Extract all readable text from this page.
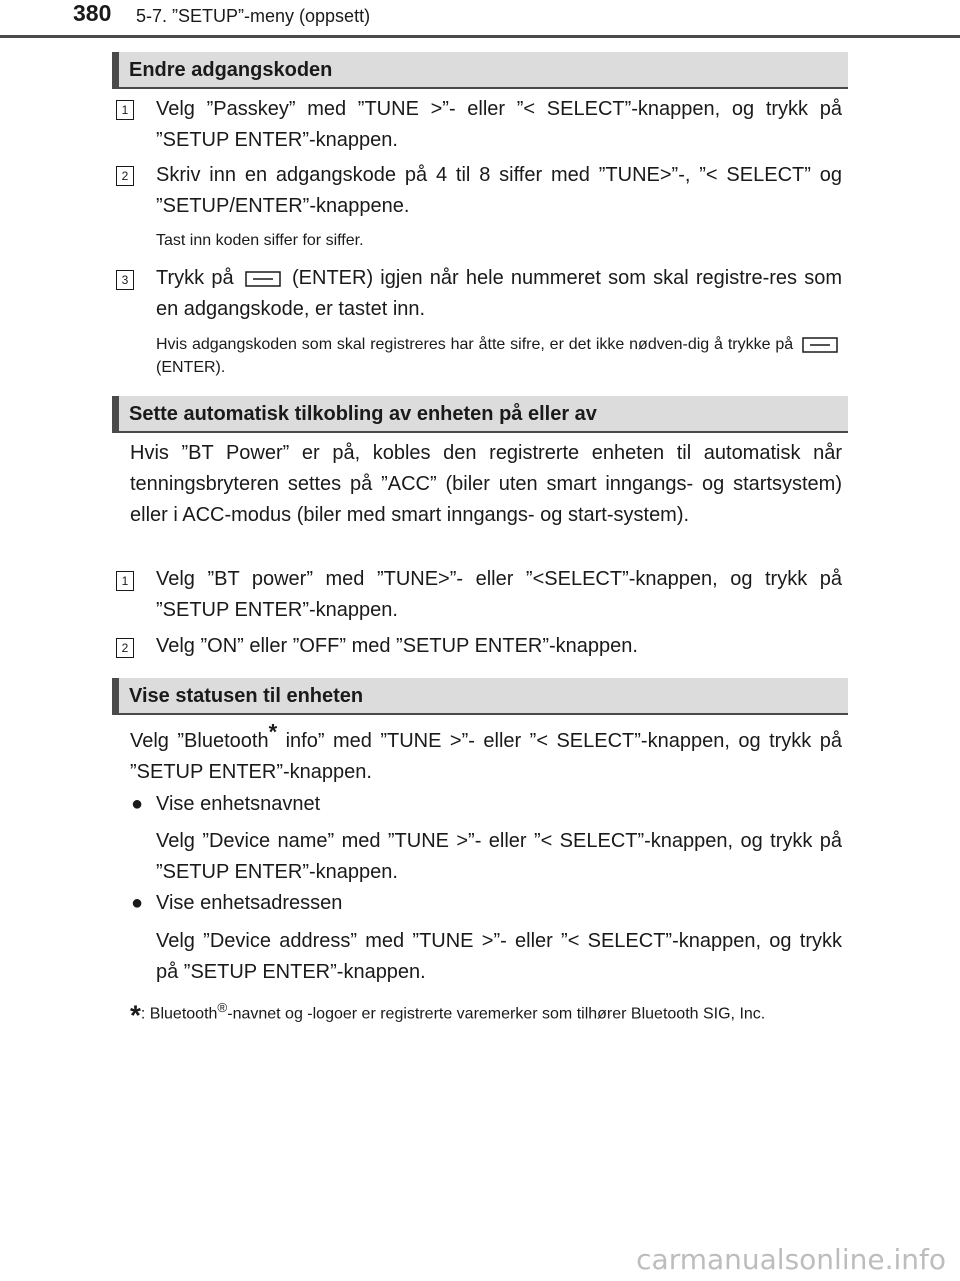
380 5-7. ”SETUP”-meny (oppsett)
Endre adgangskoden
1 Velg ”Passkey” med ”TUNE >”- eller ”< SELECT”-knappen, og trykk på ”SETUP ENTER”-knappen.
2 Skriv inn en adgangskode på 4 til 8 siffer med ”TUNE>”-, ”< SELECT” og ”SETUP/ENTER”-knappene.
Tast inn koden siffer for siffer.
3 Trykk på	(ENTER) igjen når hele nummeret som skal registre-res som en adgangskode, er tastet inn.
Hvis adgangskoden som skal registreres har åtte sifre, er det ikke nødven-dig å trykke på
(ENTER).
Sette automatisk tilkobling av enheten på eller av
Hvis ”BT Power” er på, kobles den registrerte enheten til automatisk når tenningsbryteren settes på ”ACC” (biler uten smart inngangs- og startsystem) eller i ACC-modus (biler med smart inngangs- og start-system).
1 Velg ”BT power” med ”TUNE>”- eller ”<SELECT”-knappen, og trykk på ”SETUP ENTER”-knappen.
2 Velg ”ON” eller ”OFF” med ”SETUP ENTER”-knappen.
Vise statusen til enheten
Velg ”Bluetooth* info” med ”TUNE >”- eller ”< SELECT”-knappen, og trykk på ”SETUP ENTER”-knappen.
● Vise enhetsnavnet
Velg ”Device name” med ”TUNE >”- eller ”< SELECT”-knappen, og trykk på ”SETUP ENTER”-knappen.
● Vise enhetsadressen
Velg ”Device address” med ”TUNE >”- eller ”< SELECT”-knappen, og trykk på ”SETUP ENTER”-knappen.
*: Bluetooth®-navnet og -logoer er registrerte varemerker som tilhører Bluetooth SIG, Inc.
carmanualsonline.info
